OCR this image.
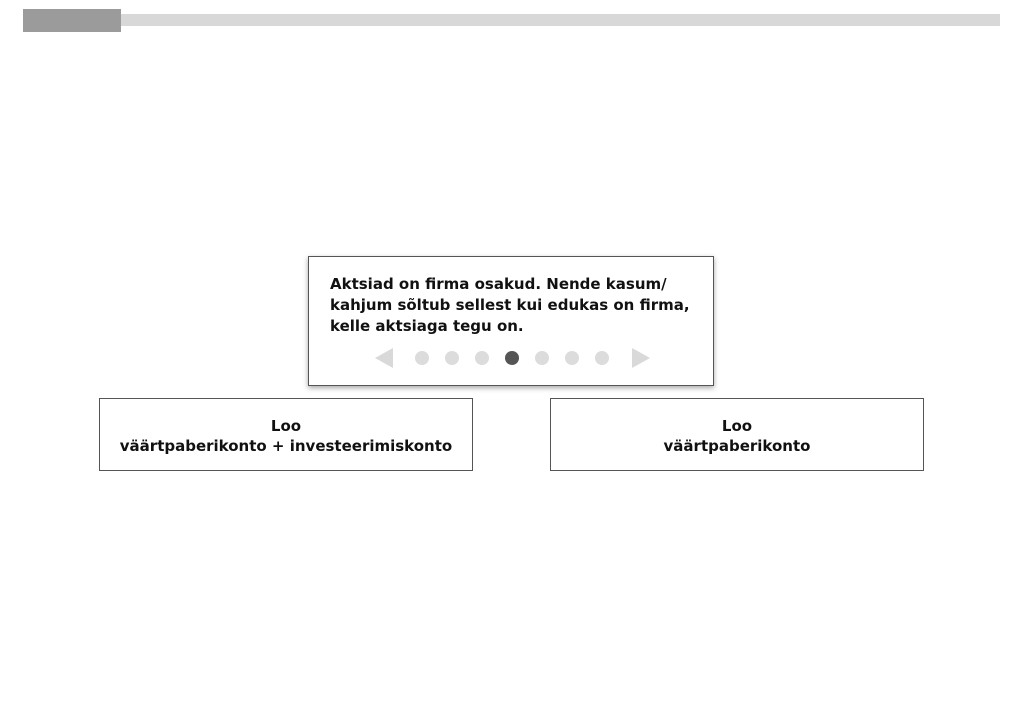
Aktsiad on firma osakud. Nende kasum/ kahjum sõltub sellest kui edukas on firma, kelle aktsiaga tegu on.
Loo
väärtpaberikonto + investeerimiskonto
Loo
väärtpaberikonto
